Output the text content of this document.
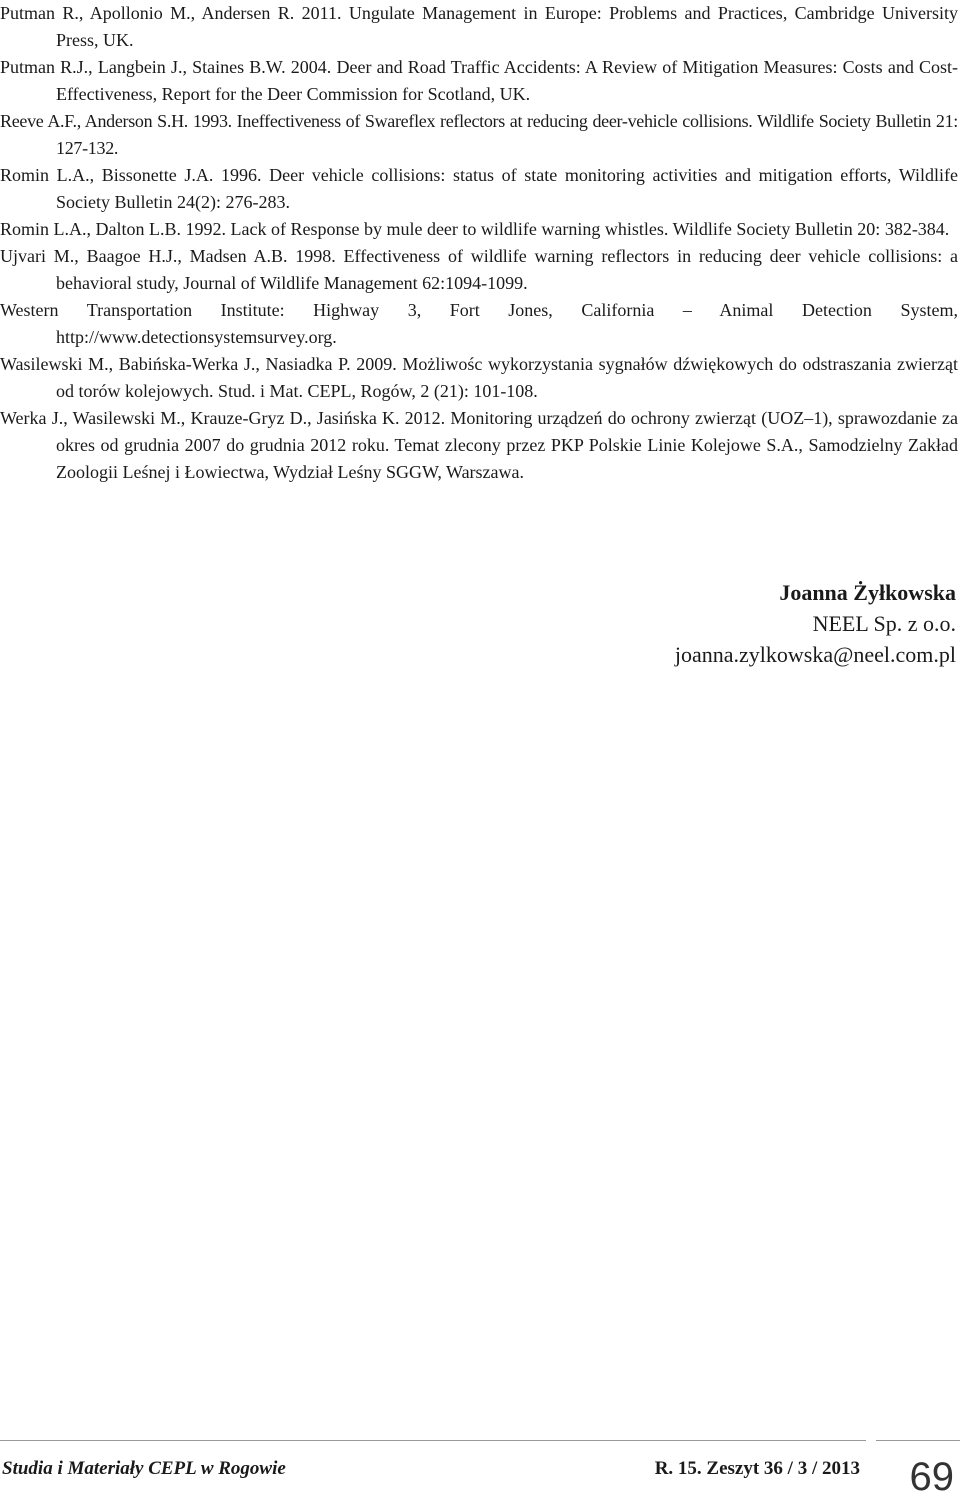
Putman R., Apollonio M., Andersen R. 2011. Ungulate Management in Europe: Problems and Practices, Cambridge University Press, UK.

Putman R.J., Langbein J., Staines B.W. 2004. Deer and Road Traffic Accidents: A Review of Mitigation Measures: Costs and Cost-Effectiveness, Report for the Deer Commission for Scotland, UK.

Reeve A.F., Anderson S.H. 1993. Ineffectiveness of Swareflex reflectors at reducing deer-vehicle collisions. Wildlife Society Bulletin 21: 127-132.

Romin L.A., Bissonette J.A. 1996. Deer vehicle collisions: status of state monitoring activities and mitigation efforts, Wildlife Society Bulletin 24(2): 276-283.

Romin L.A., Dalton L.B. 1992. Lack of Response by mule deer to wildlife warning whistles. Wildlife Society Bulletin 20: 382-384.

Ujvari M., Baagoe H.J., Madsen A.B. 1998. Effectiveness of wildlife warning reflectors in reducing deer vehicle collisions: a behavioral study, Journal of Wildlife Management 62:1094-1099.

Western Transportation Institute: Highway 3, Fort Jones, California – Animal Detection System, http://www.detectionsystemsurvey.org.

Wasilewski M., Babińska-Werka J., Nasiadka P. 2009. Możliwośc wykorzystania sygnałów dźwiękowych do odstraszania zwierząt od torów kolejowych. Stud. i Mat. CEPL, Rogów, 2 (21): 101-108.

Werka J., Wasilewski M., Krauze-Gryz D., Jasińska K. 2012. Monitoring urządzeń do ochrony zwierząt (UOZ–1), sprawozdanie za okres od grudnia 2007 do grudnia 2012 roku. Temat zlecony przez PKP Polskie Linie Kolejowe S.A., Samodzielny Zakład Zoologii Leśnej i Łowiectwa, Wydział Leśny SGGW, Warszawa.

Joanna Żyłkowska
NEEL Sp. z o.o.
joanna.zylkowska@neel.com.pl
Studia i Materiały CEPL w Rogowie	R. 15. Zeszyt 36 / 3 / 2013 69
